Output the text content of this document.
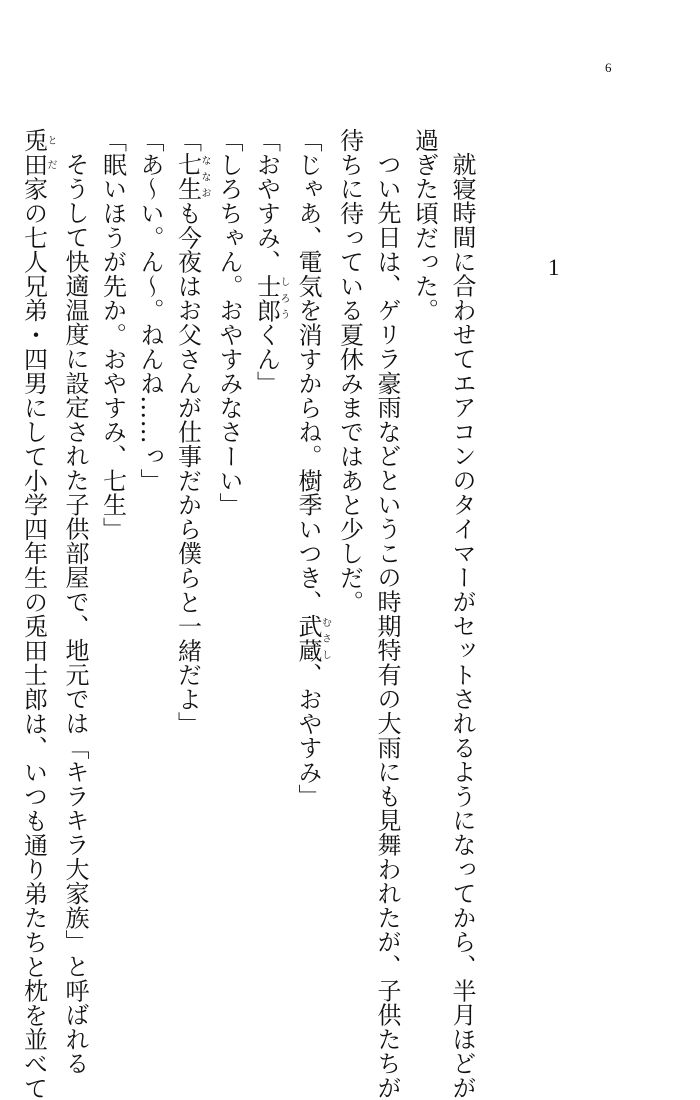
6
1
就寝時間に合わせてエアコンのタイマーがセットされるようになってから、半月ほどが
過ぎた頃だった。
つい先日は、ゲリラ豪雨などというこの時期特有の大雨にも見舞われたが、子供たちが
待ちに待っている夏休みまではあと少しだ。
「じゃあ、電気を消すからね。樹季いつき、武蔵むさし、おやすみ」
「おやすみ、士郎しろうくん」
「しろちゃん。おやすみなさーい」
「七生ななおも今夜はお父さんが仕事だから僕らと一緒だよ」
「あ～い。ん～。ねんね……っ」
「眠いほうが先か。おやすみ、七生」
そうして快適温度に設定された子供部屋で、地元では「キラキラ大家族」と呼ばれる
兎田とだ家の七人兄弟・四男にして小学四年生の兎田士郎は、いつも通り弟たちと枕を並べて
